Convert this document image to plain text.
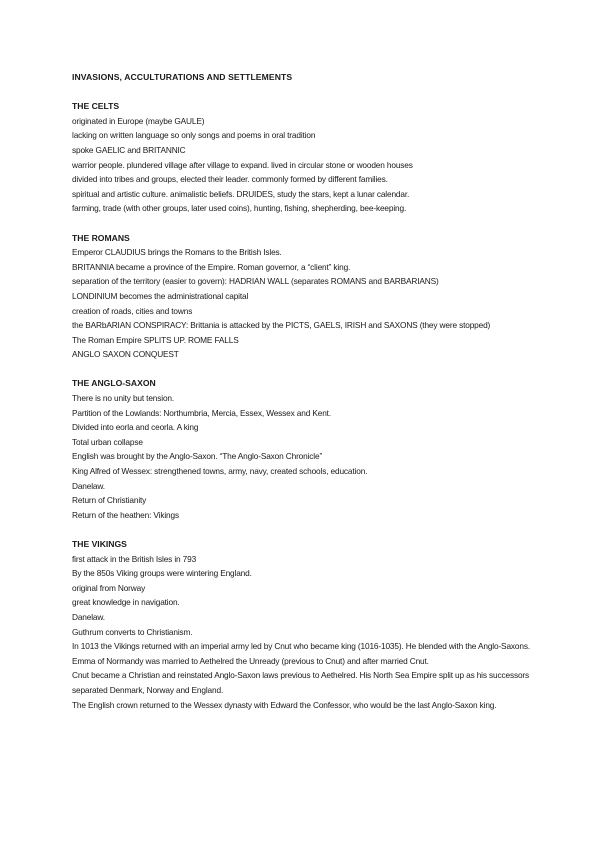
INVASIONS, ACCULTURATIONS AND SETTLEMENTS

THE CELTS

originated in Europe (maybe GAULE)

lacking on written language so only songs and poems in oral tradition

spoke GAELIC and BRITANNIC

warrior people. plundered village after village to expand. lived in circular stone or wooden houses

divided into tribes and groups, elected their leader. commonly formed by different families.

spiritual and artistic culture. animalistic beliefs. DRUIDES, study the stars, kept a lunar calendar.

farming, trade (with other groups, later used coins), hunting, fishing, shepherding, bee-keeping.

THE ROMANS

Emperor CLAUDIUS brings the Romans to the British Isles.

BRITANNIA became a province of the Empire. Roman governor, a “client” king.

separation of the territory (easier to govern): HADRIAN WALL (separates ROMANS and BARBARIANS)

LONDINIUM becomes the administrational capital

creation of roads, cities and towns

the BARbARIAN CONSPIRACY: Brittania is attacked by the PICTS, GAELS, IRISH and SAXONS (they were stopped)

The Roman Empire SPLITS UP. ROME FALLS

ANGLO SAXON CONQUEST

THE ANGLO-SAXON

There is no unity but tension.

Partition of the Lowlands: Northumbria, Mercia, Essex, Wessex and Kent.

Divided into eorla and ceorla. A king

Total urban collapse

English was brought by the Anglo-Saxon. “The Anglo-Saxon Chronicle”

King Alfred of Wessex: strengthened towns, army, navy, created schools, education.

Danelaw.

Return of Christianity

Return of the heathen: Vikings

THE VIKINGS

first attack in the British Isles in 793

By the 850s Viking groups were wintering England.

original from Norway

great knowledge in navigation.

Danelaw.

Guthrum converts to Christianism.

In 1013 the Vikings returned with an imperial army led by Cnut who became king (1016-1035). He blended with the Anglo-Saxons.

Emma of Normandy was married to Aethelred the Unready (previous to Cnut) and after married Cnut.

Cnut became a Christian and reinstated Anglo-Saxon laws previous to Aethelred. His North Sea Empire split up as his successors

separated Denmark, Norway and England.

The English crown returned to the Wessex dynasty with Edward the Confessor, who would be the last Anglo-Saxon king.
